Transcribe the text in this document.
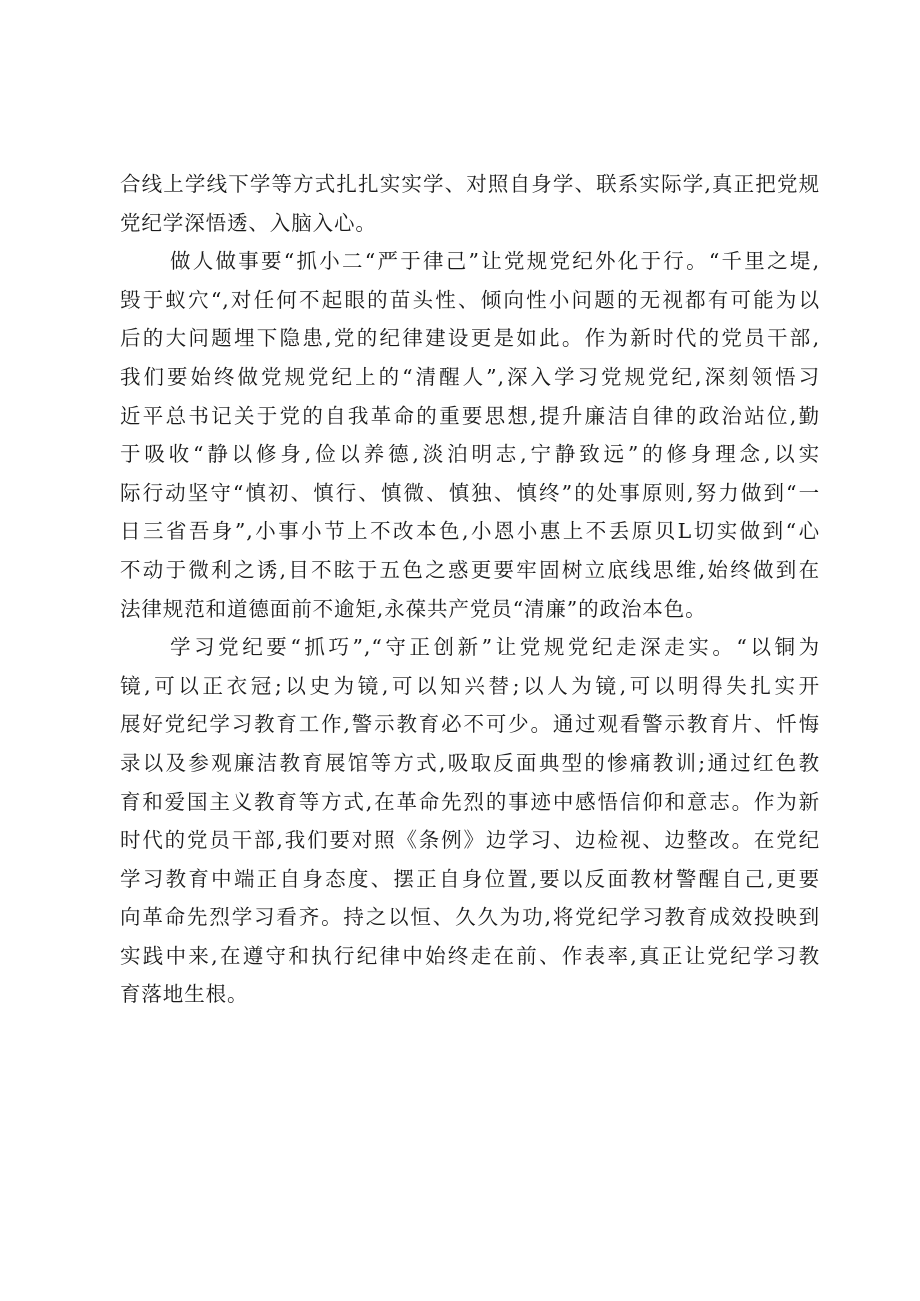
合线上学线下学等方式扎扎实实学、对照自身学、联系实际学,真正把党规
党纪学深悟透、入脑入心。
做人做事要“抓小二“严于律己”让党规党纪外化于行。“千里之堤,
毁于蚁穴“,对任何不起眼的苗头性、倾向性小问题的无视都有可能为以
后的大问题埋下隐患,党的纪律建设更是如此。作为新时代的党员干部,
我们要始终做党规党纪上的“清醒人”,深入学习党规党纪,深刻领悟习
近平总书记关于党的自我革命的重要思想,提升廉洁自律的政治站位,勤
于吸收“静以修身,俭以养德,淡泊明志,宁静致远”的修身理念,以实
际行动坚守“慎初、慎行、慎微、慎独、慎终”的处事原则,努力做到“一
日三省吾身”,小事小节上不改本色,小恩小惠上不丢原贝L切实做到“心
不动于微利之诱,目不眩于五色之惑更要牢固树立底线思维,始终做到在
法律规范和道德面前不逾矩,永葆共产党员“清廉”的政治本色。
学习党纪要“抓巧”,“守正创新”让党规党纪走深走实。“以铜为
镜,可以正衣冠;以史为镜,可以知兴替;以人为镜,可以明得失扎实开
展好党纪学习教育工作,警示教育必不可少。通过观看警示教育片、忏悔
录以及参观廉洁教育展馆等方式,吸取反面典型的惨痛教训;通过红色教
育和爱国主义教育等方式,在革命先烈的事迹中感悟信仰和意志。作为新
时代的党员干部,我们要对照《条例》边学习、边检视、边整改。在党纪
学习教育中端正自身态度、摆正自身位置,要以反面教材警醒自己,更要
向革命先烈学习看齐。持之以恒、久久为功,将党纪学习教育成效投映到
实践中来,在遵守和执行纪律中始终走在前、作表率,真正让党纪学习教
育落地生根。
